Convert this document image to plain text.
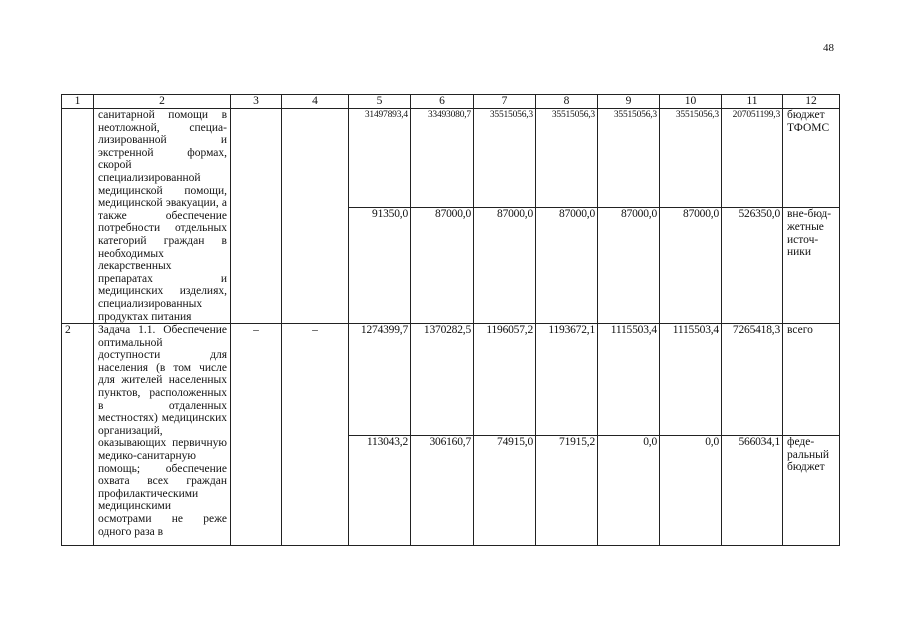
48
1	2	3	4	5	6	7	8	9	10	11	12
	санитарной помощи в неотложной, специа-лизированной и экстренной формах, скорой специализированной медицинской помощи, медицинской эвакуации, а также обеспечение потребности отдельных категорий граждан в необходимых лекарственных препаратах и медицинских изделиях, специализированных продуктах питания			31497893,4	33493080,7	35515056,3	35515056,3	35515056,3	35515056,3	207051199,3	бюджет ТФОМС
				91350,0	87000,0	87000,0	87000,0	87000,0	87000,0	526350,0	вне-бюд-жетные источ-ники
2	Задача 1.1. Обеспечение оптимальной доступности для населения (в том числе для жителей населенных пунктов, расположенных в отдаленных местностях) медицинских организаций, оказывающих первичную медико-санитарную помощь; обеспечение охвата всех граждан профилактическими медицинскими осмотрами не реже одного раза в	–	–	1274399,7	1370282,5	1196057,2	1193672,1	1115503,4	1115503,4	7265418,3	всего
				113043,2	306160,7	74915,0	71915,2	0,0	0,0	566034,1	феде-ральный бюджет
